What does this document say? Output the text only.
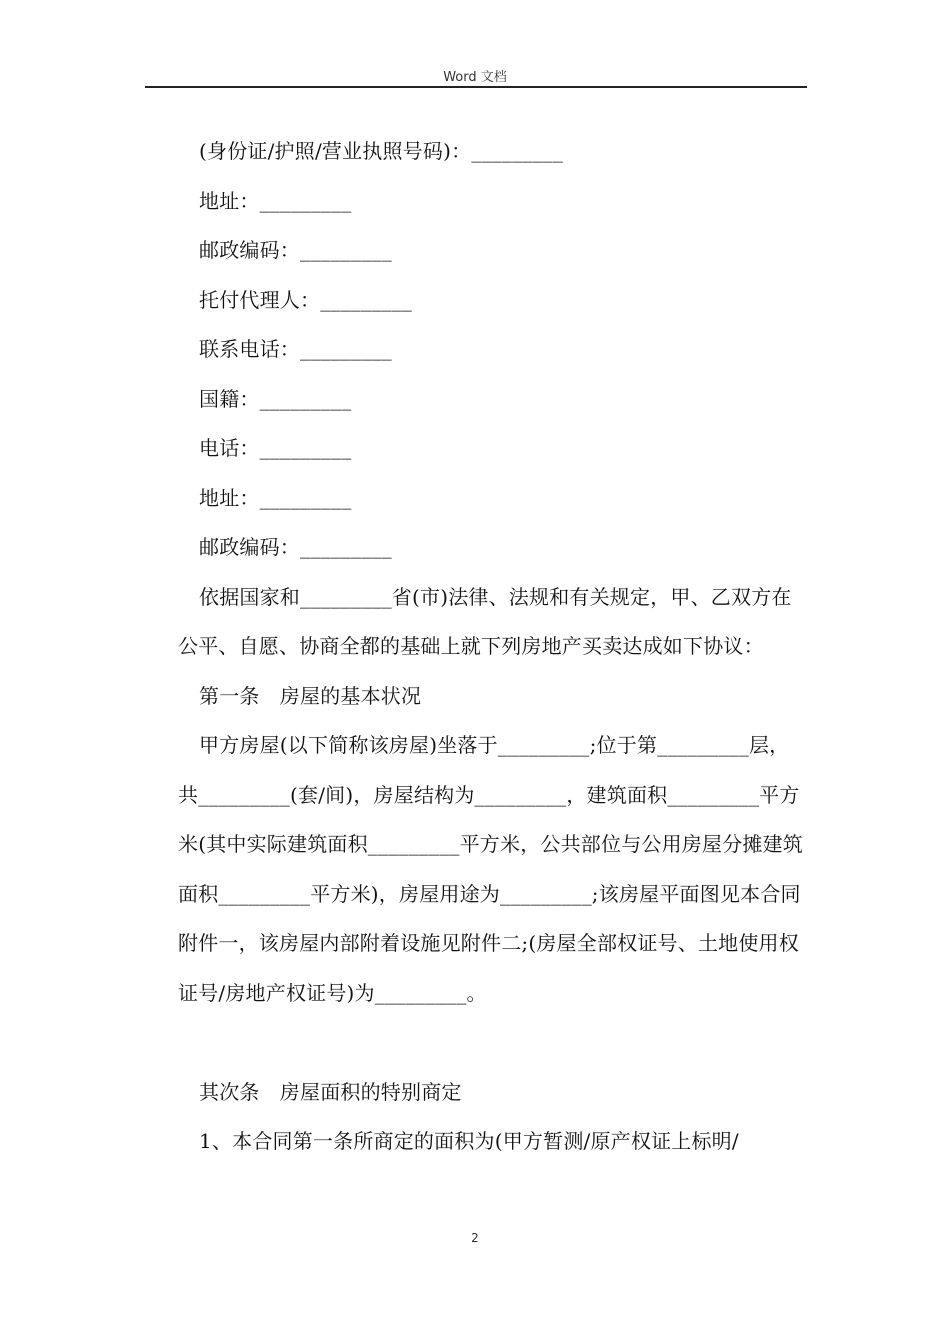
Word 文档

(身份证/护照/营业执照号码)：_________

地址：_________

邮政编码：_________

托付代理人：_________

联系电话：_________

国籍：_________

电话：_________

地址：_________

邮政编码：_________

依据国家和_________省(市)法律、法规和有关规定，甲、乙双方在公平、自愿、协商全都的基础上就下列房地产买卖达成如下协议：

第一条　房屋的基本状况

甲方房屋(以下简称该房屋)坐落于_________;位于第_________层，共_________(套/间)，房屋结构为_________，建筑面积_________平方米(其中实际建筑面积_________平方米，公共部位与公用房屋分摊建筑面积_________平方米)，房屋用途为_________;该房屋平面图见本合同附件一，该房屋内部附着设施见附件二;(房屋全部权证号、土地使用权证号/房地产权证号)为_________。

其次条　房屋面积的特别商定

1、本合同第一条所商定的面积为(甲方暂测/原产权证上标明/

2
